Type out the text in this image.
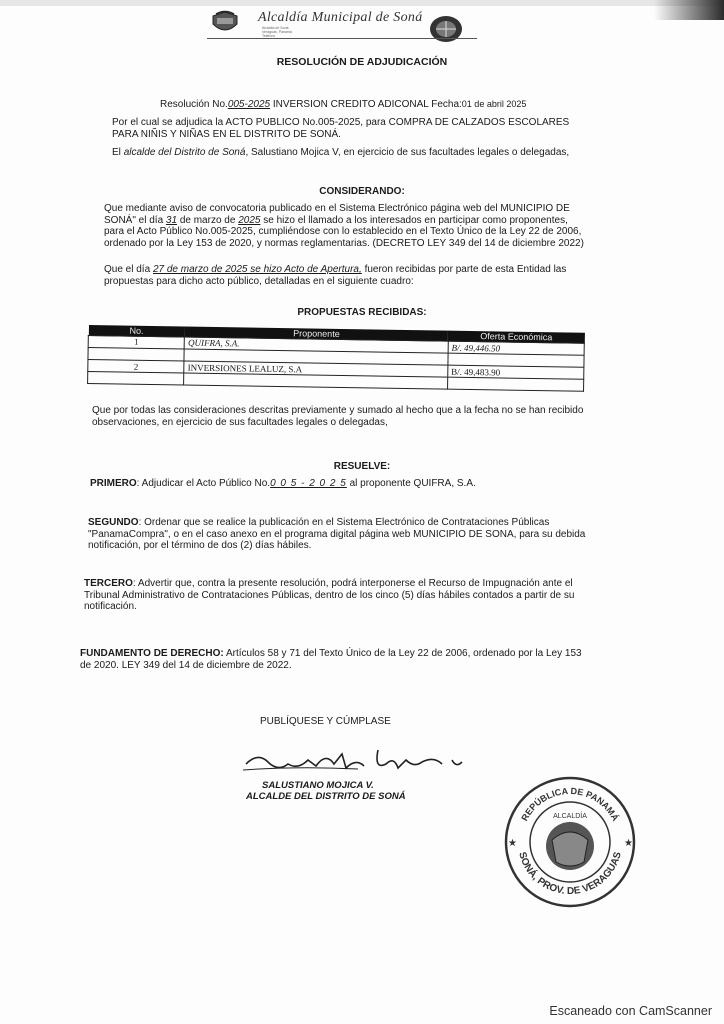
Alcaldía Municipal de Soná
Alcaldía de Soná
Veraguas, Panamá
Teléfono
RESOLUCIÓN DE ADJUDICACIÓN
Resolución No.005-2025 INVERSION CREDITO ADICONAL Fecha:01 de abril 2025
Por el cual se adjudica la ACTO PUBLICO No.005-2025, para COMPRA DE CALZADOS ESCOLARES PARA NIÑIS Y NIÑAS EN EL DISTRITO DE SONÁ.
El alcalde del Distrito de Soná, Salustiano Mojica V, en ejercicio de sus facultades legales o delegadas,
CONSIDERANDO:
Que mediante aviso de convocatoria publicado en el Sistema Electrónico página web del MUNICIPIO DE SONÁ" el día 31 de marzo de 2025 se hizo el llamado a los interesados en participar como proponentes, para el Acto Público No.005-2025, cumpliéndose con lo establecido en el Texto Único de la Ley 22 de 2006, ordenado por la Ley 153 de 2020, y normas reglamentarias. (DECRETO LEY 349 del 14 de diciembre 2022)
Que el día 27 de marzo de 2025 se hizo Acto de Apertura, fueron recibidas por parte de esta Entidad las propuestas para dicho acto público, detalladas en el siguiente cuadro:
PROPUESTAS RECIBIDAS:
No.	Proponente	Oferta Económica
1	QUIFRA, S.A.	B/. 49,446.50

2	INVERSIONES LEALUZ, S.A	B/. 49,483.90

Que por todas las consideraciones descritas previamente y sumado al hecho que a la fecha no se han recibido observaciones, en ejercicio de sus facultades legales o delegadas,
RESUELVE:
PRIMERO: Adjudicar el Acto Público No.0 0 5 - 2 0 2 5 al proponente QUIFRA, S.A.
SEGUNDO: Ordenar que se realice la publicación en el Sistema Electrónico de Contrataciones Públicas "PanamaCompra", o en el caso anexo en el programa digital página web MUNICIPIO DE SONA, para su debida notificación, por el término de dos (2) días hábiles.
TERCERO: Advertir que, contra la presente resolución, podrá interponerse el Recurso de Impugnación ante el Tribunal Administrativo de Contrataciones Públicas, dentro de los cinco (5) días hábiles contados a partir de su notificación.
FUNDAMENTO DE DERECHO: Artículos 58 y 71 del Texto Único de la Ley 22 de 2006, ordenado por la Ley 153 de 2020. LEY 349 del 14 de diciembre de 2022.
PUBLÍQUESE Y CÚMPLASE
SALUSTIANO MOJICA V.
ALCALDE DEL DISTRITO DE SONÁ
REPÚBLICA DE PANAMÁ
SONÁ, PROV. DE VERAGUAS
ALCALDÍA
★	★
Escaneado con CamScanner
